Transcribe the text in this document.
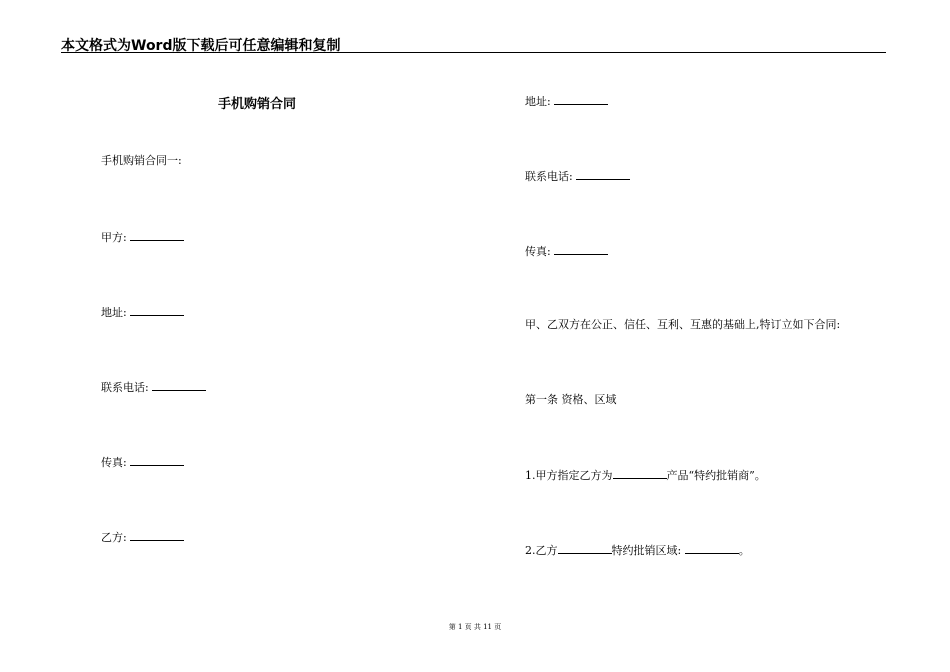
本文格式为Word版下载后可任意编辑和复制
手机购销合同
手机购销合同一:
甲方:
地址:
联系电话:
传真:
乙方:
地址:
联系电话:
传真:
甲、乙双方在公正、信任、互利、互惠的基础上,特订立如下合同:
第一条 资格、区域
1.甲方指定乙方为	产品“特约批销商”。
2.乙方	特约批销区域:	。
第 1 页 共 11 页
